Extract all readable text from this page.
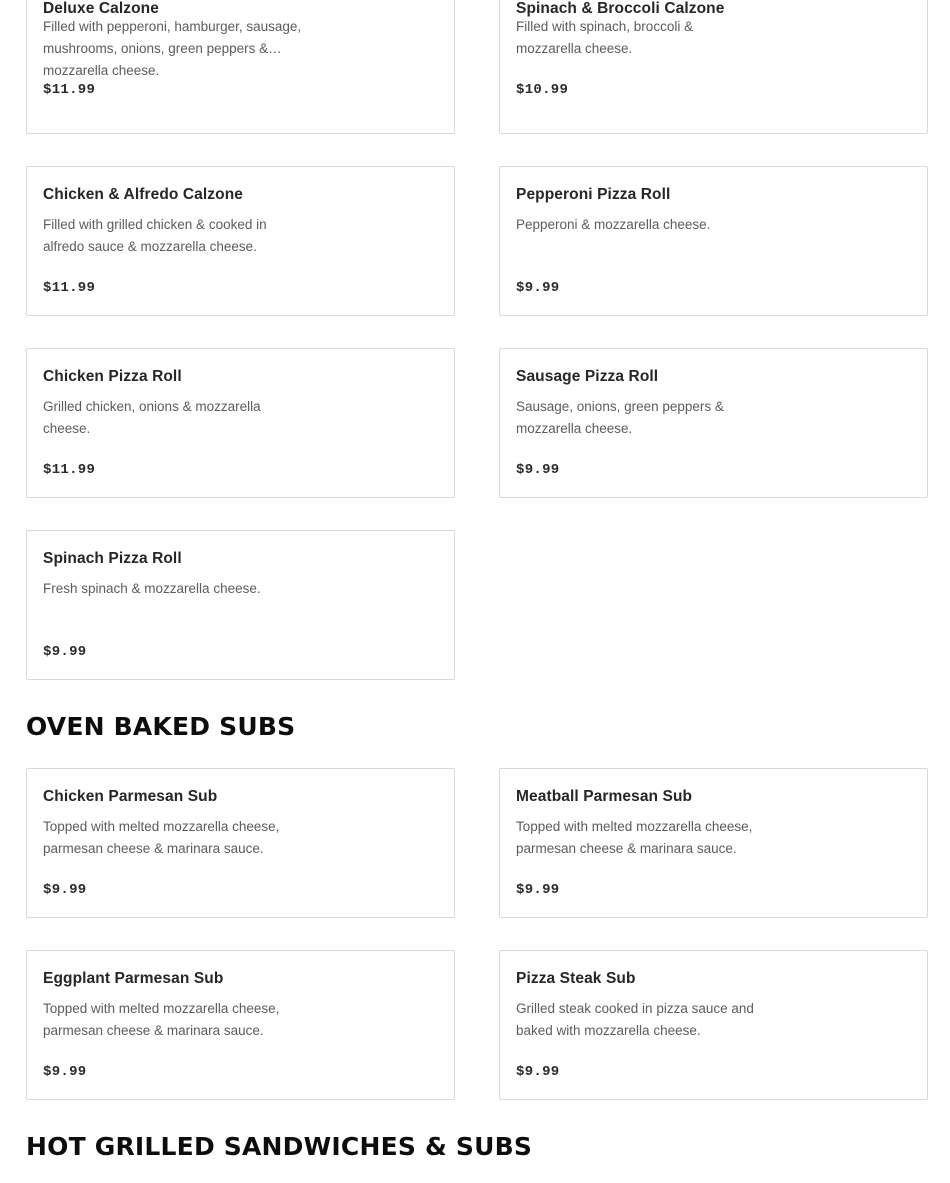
Deluxe Calzone
Filled with pepperoni, hamburger, sausage, mushrooms, onions, green peppers & mozzarella cheese.
$11.99
Spinach & Broccoli Calzone
Filled with spinach, broccoli & mozzarella cheese.
$10.99
Chicken & Alfredo Calzone
Filled with grilled chicken & cooked in alfredo sauce & mozzarella cheese.
$11.99
Pepperoni Pizza Roll
Pepperoni & mozzarella cheese.
$9.99
Chicken Pizza Roll
Grilled chicken, onions & mozzarella cheese.
$11.99
Sausage Pizza Roll
Sausage, onions, green peppers & mozzarella cheese.
$9.99
Spinach Pizza Roll
Fresh spinach & mozzarella cheese.
$9.99
OVEN BAKED SUBS
Chicken Parmesan Sub
Topped with melted mozzarella cheese, parmesan cheese & marinara sauce.
$9.99
Meatball Parmesan Sub
Topped with melted mozzarella cheese, parmesan cheese & marinara sauce.
$9.99
Eggplant Parmesan Sub
Topped with melted mozzarella cheese, parmesan cheese & marinara sauce.
$9.99
Pizza Steak Sub
Grilled steak cooked in pizza sauce and baked with mozzarella cheese.
$9.99
HOT GRILLED SANDWICHES & SUBS
